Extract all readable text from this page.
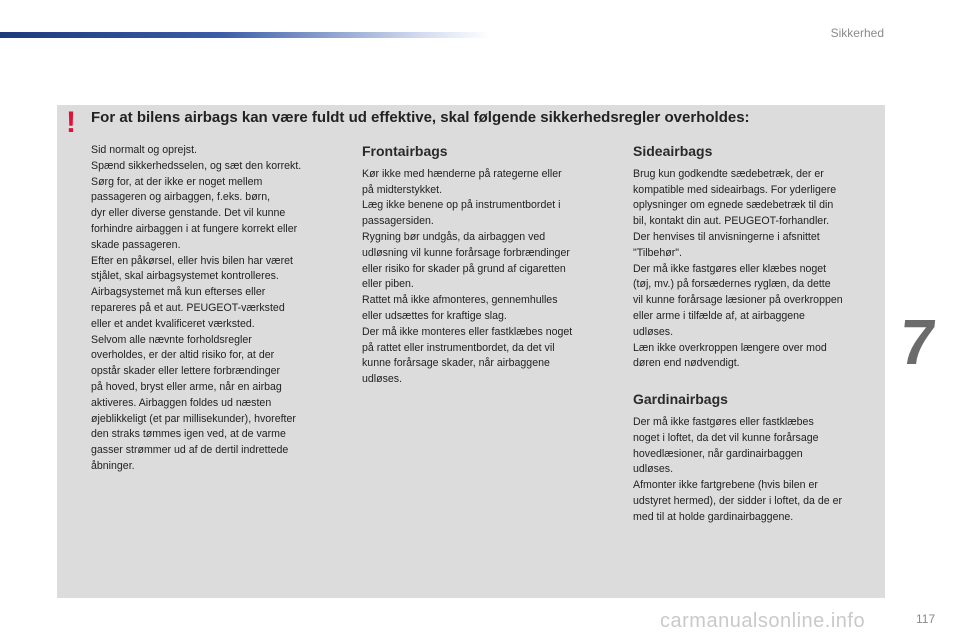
Sikkerhed
7
! For at bilens airbags kan være fuldt ud effektive, skal følgende sikkerhedsregler overholdes:

Sid normalt og oprejst.

Spænd sikkerhedsselen, og sæt den korrekt.

Sørg for, at der ikke er noget mellem

passageren og airbaggen, f.eks. børn,

dyr eller diverse genstande. Det vil kunne

forhindre airbaggen i at fungere korrekt eller

skade passageren.

Efter en påkørsel, eller hvis bilen har været

stjålet, skal airbagsystemet kontrolleres.

Airbagsystemet må kun efterses eller

repareres på et aut. PEUGEOT-værksted

eller et andet kvalificeret værksted.

Selvom alle nævnte forholdsregler

overholdes, er der altid risiko for, at der

opstår skader eller lettere forbrændinger

på hoved, bryst eller arme, når en airbag

aktiveres. Airbaggen foldes ud næsten

øjeblikkeligt (et par millisekunder), hvorefter

den straks tømmes igen ved, at de varme

gasser strømmer ud af de dertil indrettede

åbninger.

Frontairbags

Kør ikke med hænderne på rategerne eller

på midterstykket.

Læg ikke benene op på instrumentbordet i

passagersiden.

Rygning bør undgås, da airbaggen ved

udløsning vil kunne forårsage forbrændinger

eller risiko for skader på grund af cigaretten

eller piben.

Rattet må ikke afmonteres, gennemhulles

eller udsættes for kraftige slag.

Der må ikke monteres eller fastklæbes noget

på rattet eller instrumentbordet, da det vil

kunne forårsage skader, når airbaggene

udløses.

Sideairbags

Brug kun godkendte sædebetræk, der er

kompatible med sideairbags. For yderligere

oplysninger om egnede sædebetræk til din

bil, kontakt din aut. PEUGEOT-forhandler.

Der henvises til anvisningerne i afsnittet

"Tilbehør".

Der må ikke fastgøres eller klæbes noget

(tøj, mv.) på forsædernes ryglæn, da dette

vil kunne forårsage læsioner på overkroppen

eller arme i tilfælde af, at airbaggene

udløses.

Læn ikke overkroppen længere over mod

døren end nødvendigt.

Gardinairbags

Der må ikke fastgøres eller fastklæbes

noget i loftet, da det vil kunne forårsage

hovedlæsioner, når gardinairbaggen

udløses.

Afmonter ikke fartgrebene (hvis bilen er

udstyret hermed), der sidder i loftet, da de er

med til at holde gardinairbaggene.

carmanualsonline.info	117
